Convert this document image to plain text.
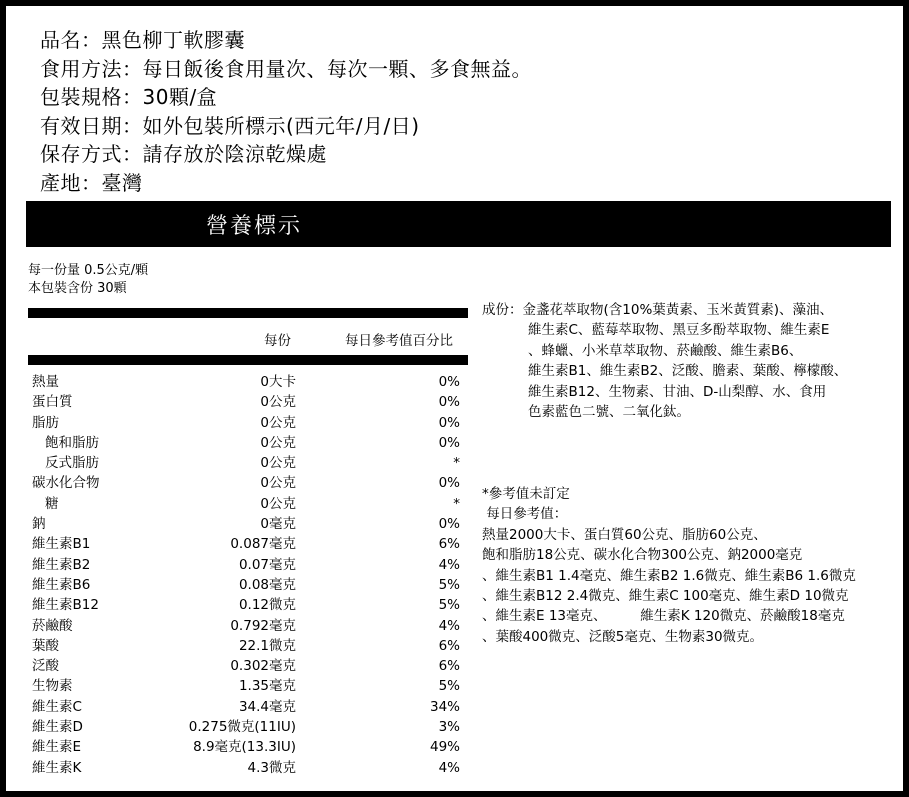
品名：黑色柳丁軟膠囊
食用方法：每日飯後食用量次、每次一顆、多食無益。
包裝規格：30顆/盒
有效日期：如外包裝所標示(西元年/月/日)
保存方式：請存放於陰涼乾燥處
產地：臺灣
營養標示
每一份量 0.5公克/顆
本包裝含份 30顆
每份	每日參考值百分比
熱量	0大卡	0%
蛋白質	0公克	0%
脂肪	0公克	0%
飽和脂肪	0公克	0%
反式脂肪	0公克	*
碳水化合物	0公克	0%
糖	0公克	*
鈉	0毫克	0%
維生素B1	0.087毫克	6%
維生素B2	0.07毫克	4%
維生素B6	0.08毫克	5%
維生素B12	0.12微克	5%
菸鹼酸	0.792毫克	4%
葉酸	22.1微克	6%
泛酸	0.302毫克	6%
生物素	1.35毫克	5%
維生素C	34.4毫克	34%
維生素D	0.275微克(11IU)	3%
維生素E	8.9毫克(13.3IU)	49%
維生素K	4.3微克	4%
成份：金盞花萃取物(含10%葉黃素、玉米黃質素)、藻油、
維生素C、藍莓萃取物、黑豆多酚萃取物、維生素E
、蜂蠟、小米草萃取物、菸鹼酸、維生素B6、
維生素B1、維生素B2、泛酸、膽素、葉酸、檸檬酸、
維生素B12、生物素、甘油、D-山梨醇、水、食用
色素藍色二號、二氧化鈦。
*參考值未訂定
每日參考值：
熱量2000大卡、蛋白質60公克、脂肪60公克、
飽和脂肪18公克、碳水化合物300公克、鈉2000毫克
、維生素B1 1.4毫克、維生素B2 1.6微克、維生素B6 1.6微克
、維生素B12 2.4微克、維生素C 100毫克、維生素D 10微克
、維生素E 13毫克、　　　維生素K 120微克、菸鹼酸18毫克
、葉酸400微克、泛酸5毫克、生物素30微克。
